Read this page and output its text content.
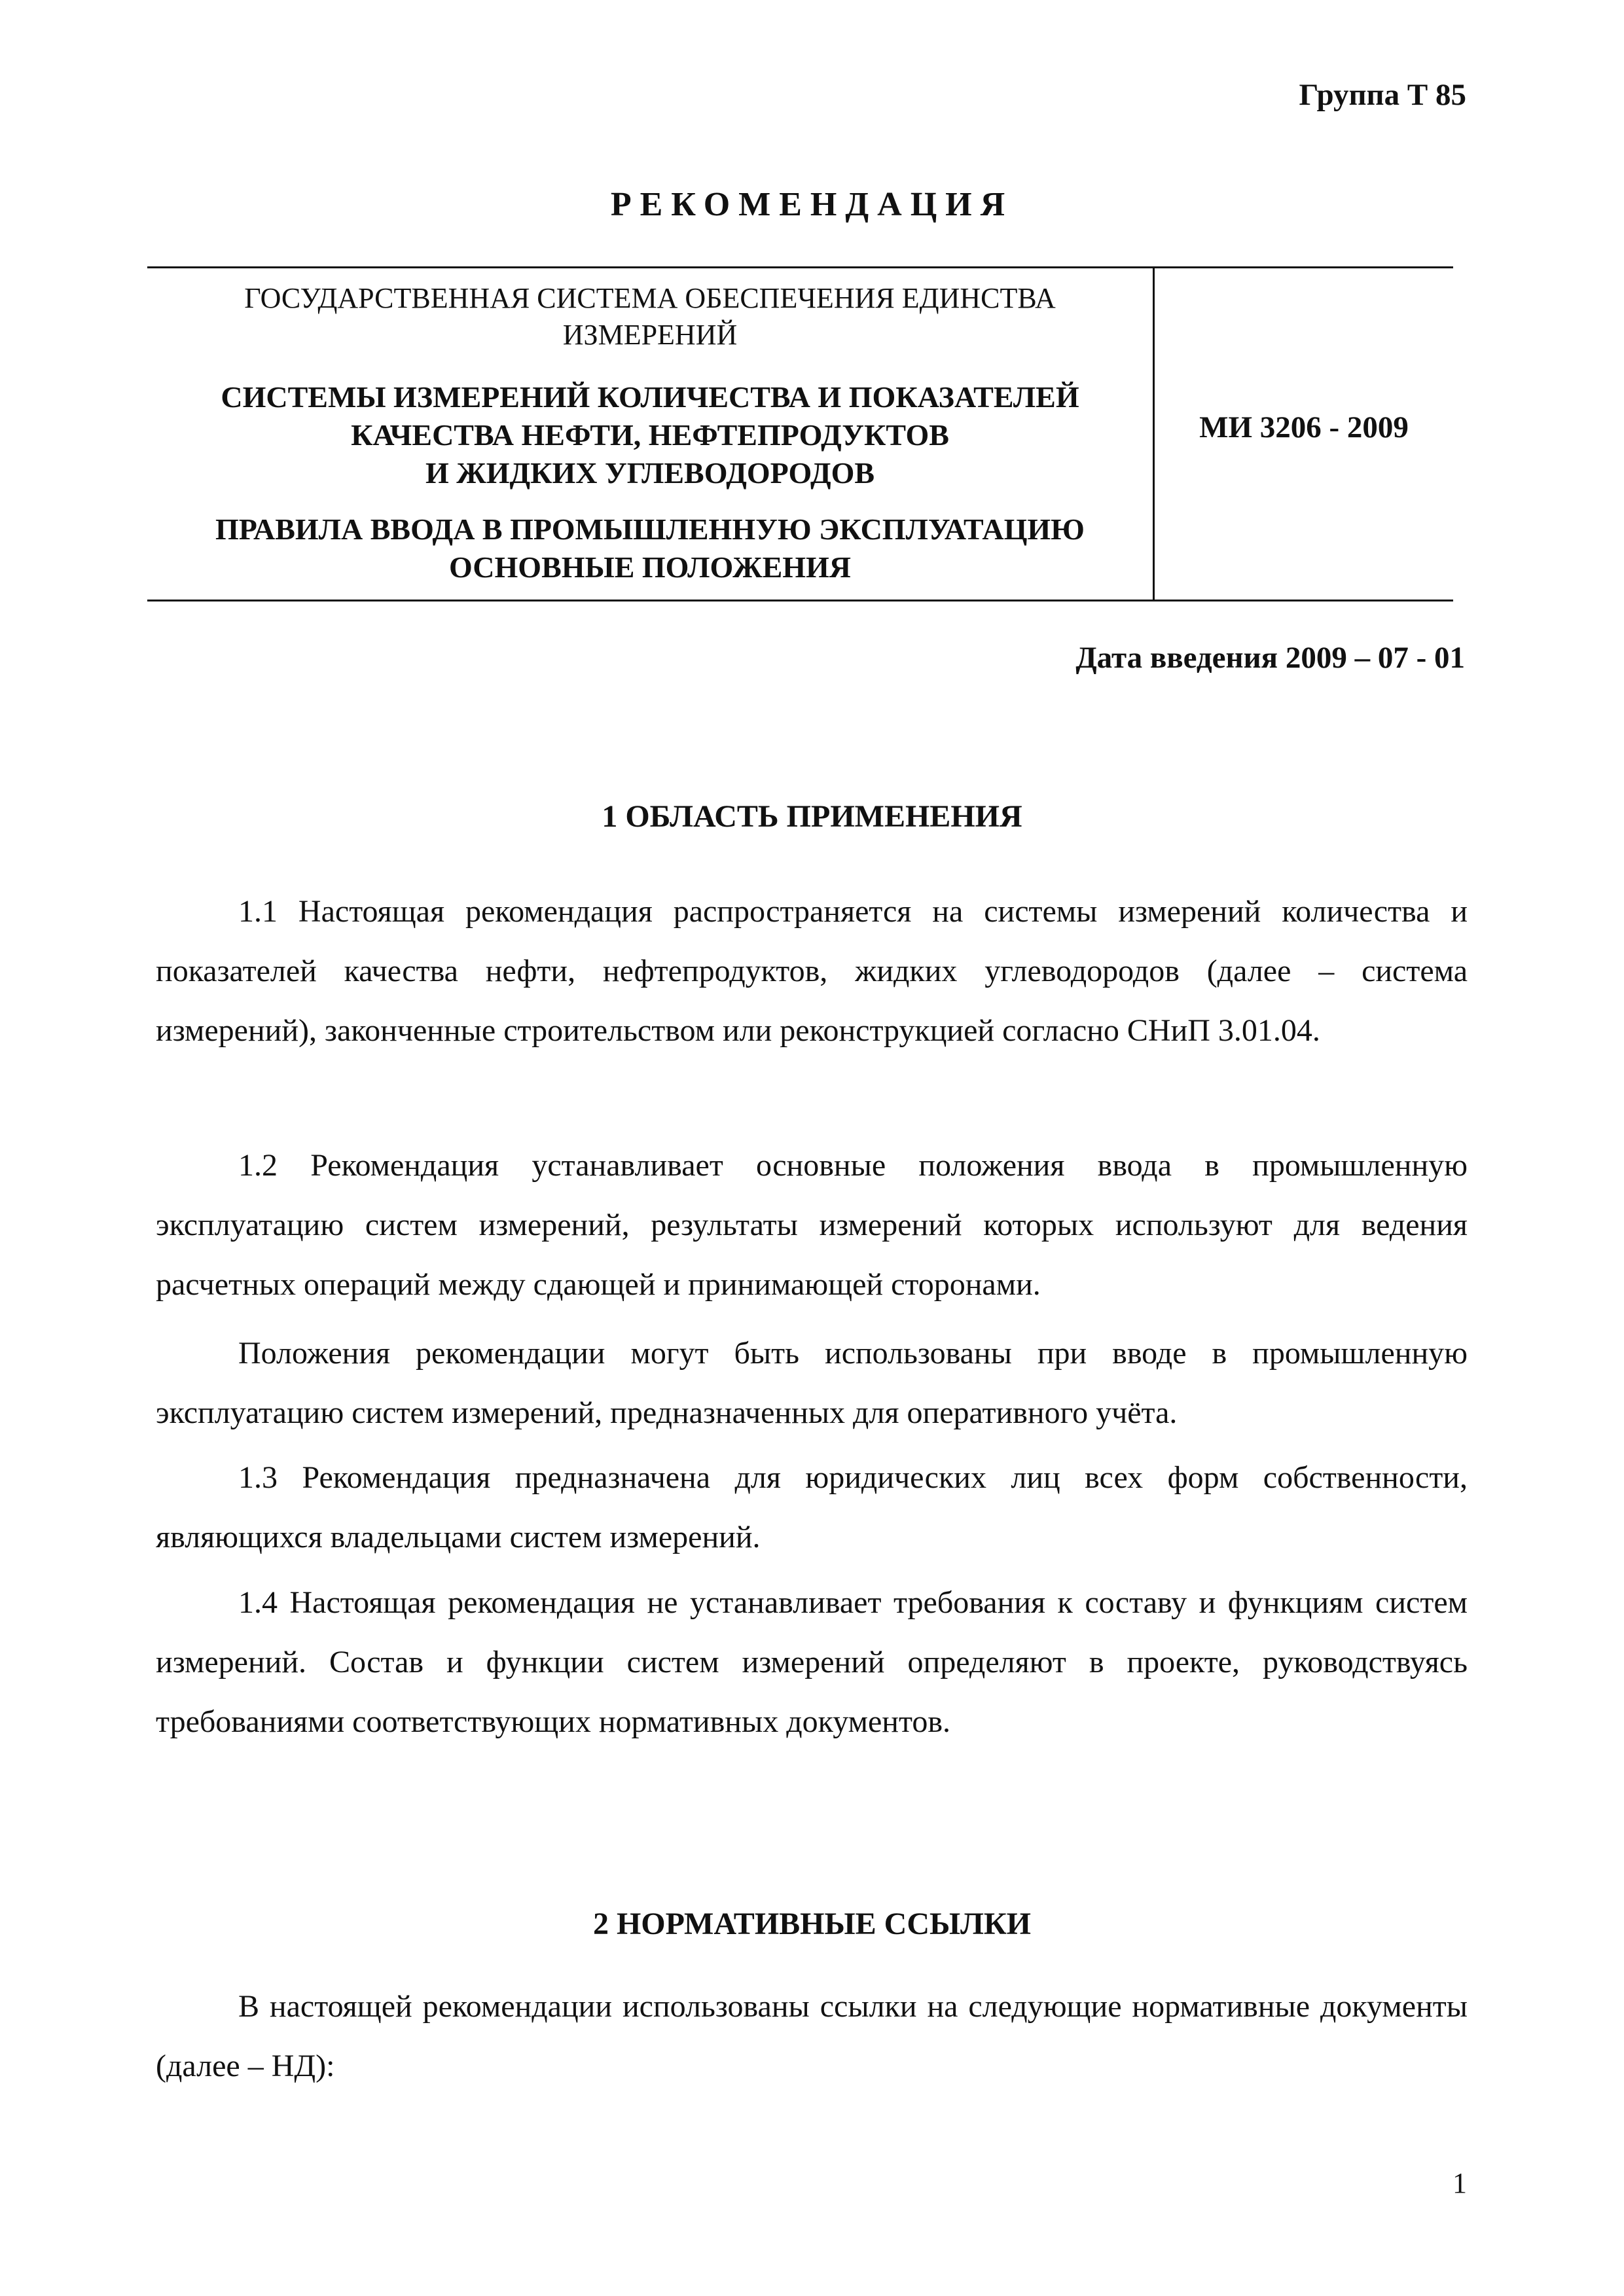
Группа Т 85
РЕКОМЕНДАЦИЯ
ГОСУДАРСТВЕННАЯ СИСТЕМА ОБЕСПЕЧЕНИЯ ЕДИНСТВА
ИЗМЕРЕНИЙ
СИСТЕМЫ ИЗМЕРЕНИЙ КОЛИЧЕСТВА И ПОКАЗАТЕЛЕЙ
КАЧЕСТВА НЕФТИ, НЕФТЕПРОДУКТОВ
И ЖИДКИХ УГЛЕВОДОРОДОВ
ПРАВИЛА ВВОДА В ПРОМЫШЛЕННУЮ ЭКСПЛУАТАЦИЮ
ОСНОВНЫЕ ПОЛОЖЕНИЯ
МИ 3206 - 2009
Дата введения 2009 – 07 - 01
1 ОБЛАСТЬ ПРИМЕНЕНИЯ
1.1 Настоящая рекомендация распространяется на системы измерений количества и показателей качества нефти, нефтепродуктов, жидких углеводородов (далее – система измерений), законченные строительством или реконструкцией согласно СНиП 3.01.04.
1.2 Рекомендация устанавливает основные положения ввода в промышленную эксплуатацию систем измерений, результаты измерений которых используют для ведения расчетных операций между сдающей и принимающей сторонами.
Положения рекомендации могут быть использованы при вводе в промышленную эксплуатацию систем измерений, предназначенных для оперативного учёта.
1.3 Рекомендация предназначена для юридических лиц всех форм собственности, являющихся владельцами систем измерений.
1.4 Настоящая рекомендация не устанавливает требования к составу и функциям систем измерений. Состав и функции систем измерений определяют в проекте, руководствуясь требованиями соответствующих нормативных документов.
2 НОРМАТИВНЫЕ ССЫЛКИ
В настоящей рекомендации использованы ссылки на следующие нормативные документы (далее – НД):
1
